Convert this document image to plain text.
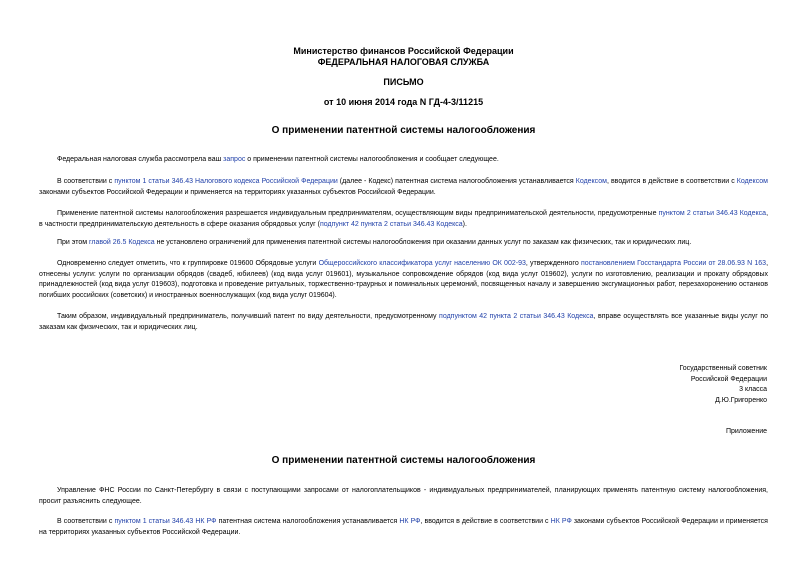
Министерство финансов Российской Федерации
ФЕДЕРАЛЬНАЯ НАЛОГОВАЯ СЛУЖБА
ПИСЬМО
от 10 июня 2014 года N ГД-4-3/11215
О применении патентной системы налогообложения

Федеральная налоговая служба рассмотрела ваш запрос о применении патентной системы налогообложения и сообщает следующее.

В соответствии с пунктом 1 статьи 346.43 Налогового кодекса Российской Федерации (далее - Кодекс) патентная система налогообложения устанавливается Кодексом, вводится в действие в соответствии с Кодексом законами субъектов Российской Федерации и применяется на территориях указанных субъектов Российской Федерации.

Применение патентной системы налогообложения разрешается индивидуальным предпринимателям, осуществляющим виды предпринимательской деятельности, предусмотренные пунктом 2 статьи 346.43 Кодекса, в частности предпринимательскую деятельность в сфере оказания обрядовых услуг (подпункт 42 пункта 2 статьи 346.43 Кодекса).

При этом главой 26.5 Кодекса не установлено ограничений для применения патентной системы налогообложения при оказании данных услуг по заказам как физических, так и юридических лиц.

Одновременно следует отметить, что к группировке 019600 Обрядовые услуги Общероссийского классификатора услуг населению ОК 002-93, утвержденного постановлением Госстандарта России от 28.06.93 N 163, отнесены услуги: услуги по организации обрядов (свадеб, юбилеев) (код вида услуг 019601), музыкальное сопровождение обрядов (код вида услуг 019602), услуги по изготовлению, реализации и прокату обрядовых принадлежностей (код вида услуг 019603), подготовка и проведение ритуальных, торжественно-траурных и поминальных церемоний, посвященных началу и завершению эксгумационных работ, перезахоронению останков погибших российских (советских) и иностранных военнослужащих (код вида услуг 019604).

Таким образом, индивидуальный предприниматель, получивший патент по виду деятельности, предусмотренному подпунктом 42 пункта 2 статьи 346.43 Кодекса, вправе осуществлять все указанные виды услуг по заказам как физических, так и юридических лиц.

Государственный советник
Российской Федерации
3 класса
Д.Ю.Григоренко
Приложение
О применении патентной системы налогообложения

Управление ФНС России по Санкт-Петербургу в связи с поступающими запросами от налогоплательщиков - индивидуальных предпринимателей, планирующих применять патентную систему налогообложения, просит разъяснить следующее.

В соответствии с пунктом 1 статьи 346.43 НК РФ патентная система налогообложения устанавливается НК РФ, вводится в действие в соответствии с НК РФ законами субъектов Российской Федерации и применяется на территориях указанных субъектов Российской Федерации.
